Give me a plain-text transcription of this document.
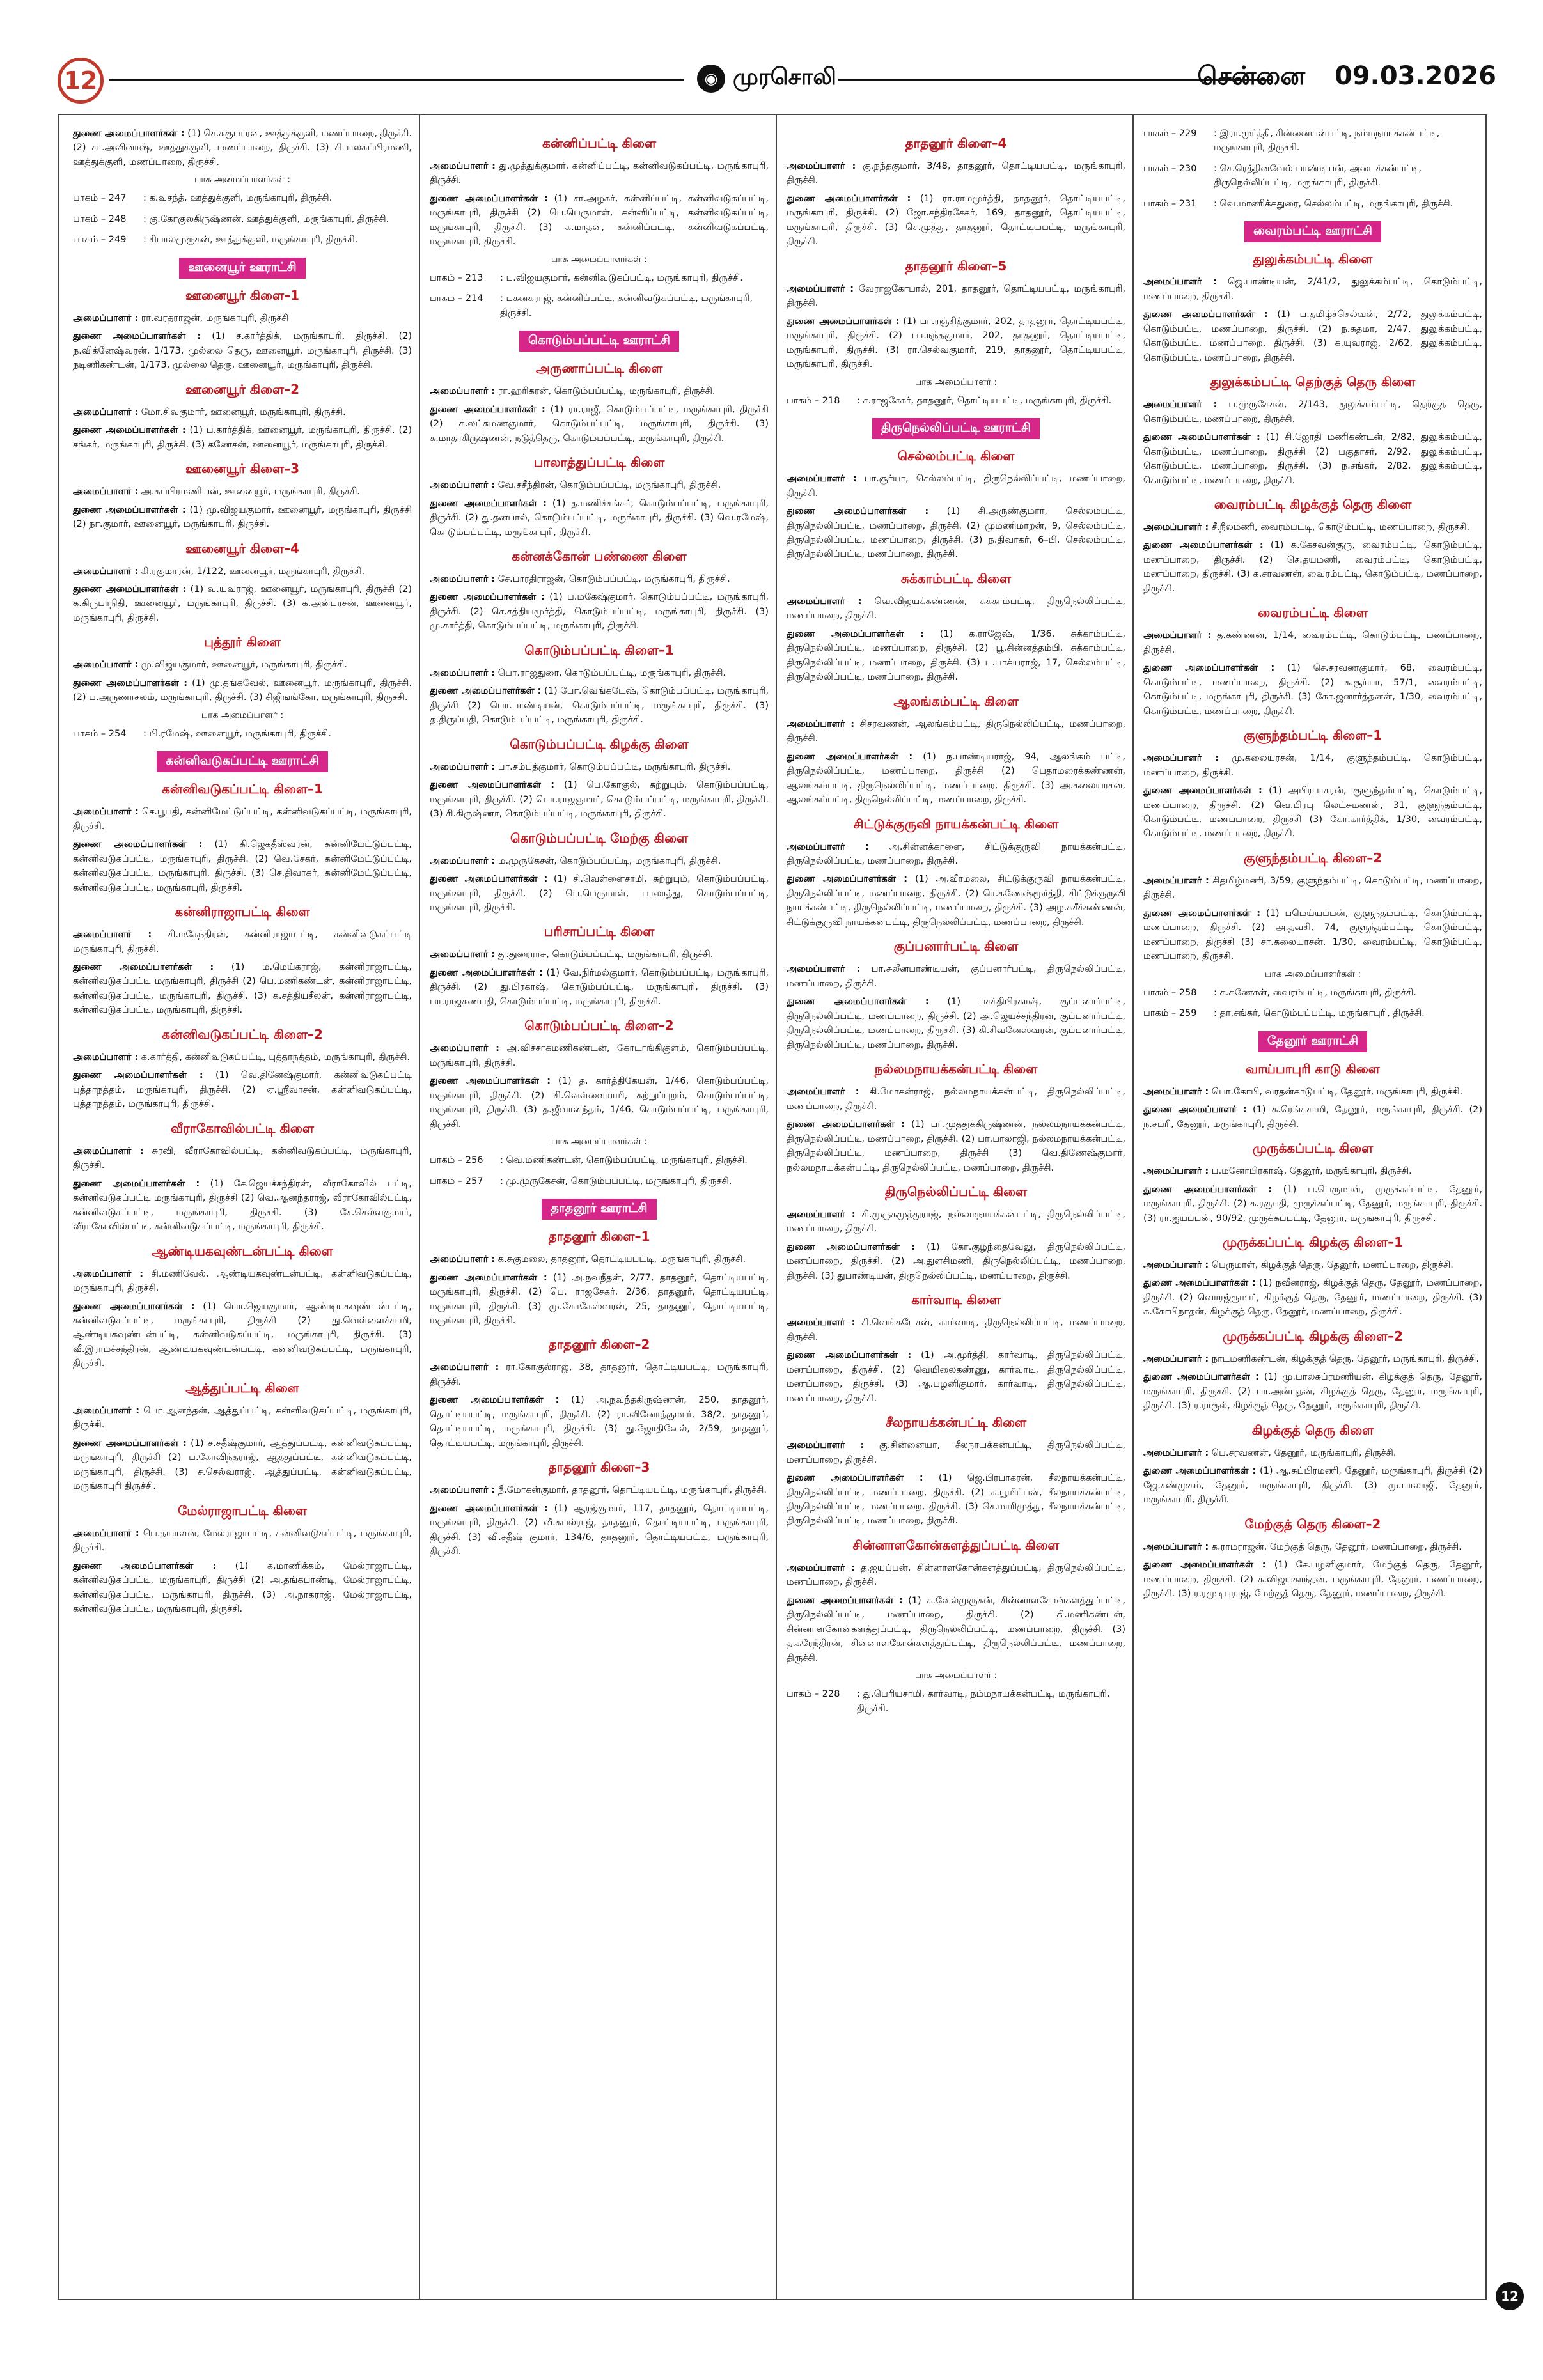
12	◉ முரசொலி	சென்னை 09.03.2026

துணை அமைப்பாளர்கள் : (1) செ.சுகுமாரன், ஊத்துக்குளி, மணப்பாறை, திருச்சி. (2) சா.அவினாஷ், ஊத்துக்குளி, மணப்பாறை, திருச்சி. (3) சிபாலசுப்பிரமணி, ஊத்துக்குளி, மணப்பாறை, திருச்சி.

பாக அமைப்பாளர்கள் :
பாகம் – 247	: க.வசந்த், ஊத்துக்குளி, மருங்காபுரி, திருச்சி.
பாகம் – 248	: கு.கோகுலகிருஷ்ணன், ஊத்துக்குளி, மருங்காபுரி, திருச்சி.
பாகம் – 249	: சிபாலமுருகன், ஊத்துக்குளி, மருங்காபுரி, திருச்சி.
ஊனையூர் ஊராட்சி
ஊனையூர் கிளை–1

அமைப்பாளர் : ரா.வரதராஜன், மருங்காபுரி, திருச்சி

துணை அமைப்பாளர்கள் : (1) ச.கார்த்திக், மருங்காபுரி, திருச்சி. (2) ந.விக்னேஷ்வரன், 1/173, முல்லை தெரு, ஊனையூர், மருங்காபுரி, திருச்சி. (3) நடிணிகண்டன், 1/173, முல்லை தெரு, ஊனையூர், மருங்காபுரி, திருச்சி.

ஊனையூர் கிளை–2

அமைப்பாளர் : மோ.சிவகுமார், ஊனையூர், மருங்காபுரி, திருச்சி.

துணை அமைப்பாளர்கள் : (1) ப.கார்த்திக், ஊனையூர், மருங்காபுரி, திருச்சி. (2) சங்கர், மருங்காபுரி, திருச்சி. (3) கணேசன், ஊனையூர், மருங்காபுரி, திருச்சி.

ஊனையூர் கிளை–3

அமைப்பாளர் : அ.சுப்பிரமணியன், ஊனையூர், மருங்காபுரி, திருச்சி.

துணை அமைப்பாளர்கள் : (1) மு.விஜயகுமார், ஊனையூர், மருங்காபுரி, திருச்சி (2) நா.குமார், ஊனையூர், மருங்காபுரி, திருச்சி.

ஊனையூர் கிளை–4

அமைப்பாளர் : கி.ரகுமாரன், 1/122, ஊனையூர், மருங்காபுரி, திருச்சி.

துணை அமைப்பாளர்கள் : (1) வ.யுவராஜ், ஊனையூர், மருங்காபுரி, திருச்சி (2) க.கிருபாநிதி, ஊனையூர், மருங்காபுரி, திருச்சி. (3) க.அன்பரசன், ஊனையூர், மருங்காபுரி, திருச்சி.

புத்தூர் கிளை

அமைப்பாளர் : மு.விஜயகுமார், ஊனையூர், மருங்காபுரி, திருச்சி.

துணை அமைப்பாளர்கள் : (1) மு.தங்கவேல், ஊனையூர், மருங்காபுரி, திருச்சி. (2) ப.அருணாசலம், மருங்காபுரி, திருச்சி. (3) சிஜிஙங்கோ, மருங்காபுரி, திருச்சி.

பாக அமைப்பாளர் :
பாகம் – 254	: பி.ரமேஷ், ஊனையூர், மருங்காபுரி, திருச்சி.
கன்னிவடுகப்பட்டி ஊராட்சி
கன்னிவடுகப்பட்டி கிளை–1

அமைப்பாளர் : செ.பூபதி, கன்னிமேட்டுப்பட்டி, கன்னிவடுகப்பட்டி, மருங்காபுரி, திருச்சி.

துணை அமைப்பாளர்கள் : (1) கி.ஜெகதீஸ்வரன், கன்னிமேட்டுப்பட்டி, கன்னிவடுகப்பட்டி, மருங்காபுரி, திருச்சி. (2) வெ.சேகர், கன்னிமேட்டுப்பட்டி, கன்னிவடுகப்பட்டி, மருங்காபுரி, திருச்சி. (3) செ.திவாகர், கன்னிமேட்டுப்பட்டி, கன்னிவடுகப்பட்டி, மருங்காபுரி, திருச்சி.

கன்னிராஜாபட்டி கிளை

அமைப்பாளர் : சி.மகேந்திரன், கன்னிராஜாபட்டி, கன்னிவடுகப்பட்டி மருங்காபுரி, திருச்சி.

துணை அமைப்பாளர்கள் : (1) ம.மெய்கராஜ், கன்னிராஜாபட்டி, கன்னிவடுகப்பட்டி மருங்காபுரி, திருச்சி (2) பெ.மணிகண்டன், கன்னிராஜாபட்டி, கன்னிவடுகப்பட்டி, மருங்காபுரி, திருச்சி. (3) க.சத்தியசீலன், கன்னிராஜாபட்டி, கன்னிவடுகப்பட்டி, மருங்காபுரி, திருச்சி.

கன்னிவடுகப்பட்டி கிளை–2

அமைப்பாளர் : க.கார்த்தி, கன்னிவடுகப்பட்டி, புத்தாநத்தம், மருங்காபுரி, திருச்சி.

துணை அமைப்பாளர்கள் : (1) வெ.தினேஷ்குமார், கன்னிவடுகப்பட்டி புத்தாநத்தம், மருங்காபுரி, திருச்சி. (2) ஏ.ஸ்ரீவாசன், கன்னிவடுகப்பட்டி, புத்தாநத்தம், மருங்காபுரி, திருச்சி.

வீராகோவில்பட்டி கிளை

அமைப்பாளர் : சுரவி, வீராகோவில்பட்டி, கன்னிவடுகப்பட்டி, மருங்காபுரி, திருச்சி.

துணை அமைப்பாளர்கள் : (1) சே.ஜெயச்சந்திரன், வீராகோவில் பட்டி, கன்னிவடுகப்பட்டி மருங்காபுரி, திருச்சி (2) வெ.ஆனந்தராஜ், வீராகோவில்பட்டி, கன்னிவடுகப்பட்டி, மருங்காபுரி, திருச்சி. (3) சே.செல்வகுமார், வீராகோவில்பட்டி, கன்னிவடுகப்பட்டி, மருங்காபுரி, திருச்சி.

ஆண்டியகவுண்டன்பட்டி கிளை

அமைப்பாளர் : சி.மணிவேல், ஆண்டியகவுண்டன்பட்டி, கன்னிவடுகப்பட்டி, மருங்காபுரி, திருச்சி.

துணை அமைப்பாளர்கள் : (1) பொ.ஜெயகுமார், ஆண்டியகவுண்டன்பட்டி, கன்னிவடுகப்பட்டி, மருங்காபுரி, திருச்சி (2) து.வெள்ளைச்சாமி, ஆண்டியகவுண்டன்பட்டி, கன்னிவடுகப்பட்டி, மருங்காபுரி, திருச்சி. (3) வீ.இராமச்சந்திரன், ஆண்டியகவுண்டன்பட்டி, கன்னிவடுகப்பட்டி, மருங்காபுரி, திருச்சி.

ஆத்துப்பட்டி கிளை

அமைப்பாளர் : பொ.ஆனந்தன், ஆத்துப்பட்டி, கன்னிவடுகப்பட்டி, மருங்காபுரி, திருச்சி.

துணை அமைப்பாளர்கள் : (1) ச.சதீஷ்குமார், ஆத்துப்பட்டி, கன்னிவடுகப்பட்டி, மருங்காபுரி, திருச்சி (2) ப.கோவிந்தராஜ், ஆத்துப்பட்டி, கன்னிவடுகப்பட்டி, மருங்காபுரி, திருச்சி. (3) ச.செல்வராஜ், ஆத்துப்பட்டி, கன்னிவடுகப்பட்டி, மருங்காபுரி திருச்சி.

மேல்ராஜாபட்டி கிளை

அமைப்பாளர் : பெ.தயாளன், மேல்ராஜாபட்டி, கன்னிவடுகப்பட்டி, மருங்காபுரி, திருச்சி.

துணை அமைப்பாளர்கள் : (1) க.மாணிக்கம், மேல்ராஜாபட்டி, கன்னிவடுகப்பட்டி, மருங்காபுரி, திருச்சி (2) அ.தங்கபாண்டி, மேல்ராஜாபட்டி, கன்னிவடுகப்பட்டி, மருங்காபுரி, திருச்சி. (3) அ.நாகராஜ், மேல்ராஜாபட்டி, கன்னிவடுகப்பட்டி, மருங்காபுரி, திருச்சி.

கன்னிப்பட்டி கிளை

அமைப்பாளர் : து.முத்துக்குமார், கன்னிப்பட்டி, கன்னிவடுகப்பட்டி, மருங்காபுரி, திருச்சி.

துணை அமைப்பாளர்கள் : (1) சா.அழகர், கன்னிப்பட்டி, கன்னிவடுகப்பட்டி, மருங்காபுரி, திருச்சி (2) பெ.பெருமாள், கன்னிப்பட்டி, கன்னிவடுகப்பட்டி, மருங்காபுரி, திருச்சி. (3) க.மாதன், கன்னிப்பட்டி, கன்னிவடுகப்பட்டி, மருங்காபுரி, திருச்சி.

பாக அமைப்பாளர்கள் :
பாகம் – 213	: ப.விஜயகுமார், கன்னிவடுகப்பட்டி, மருங்காபுரி, திருச்சி.
பாகம் – 214	: பகனகராஜ், கன்னிப்பட்டி, கன்னிவடுகப்பட்டி, மருங்காபுரி, திருச்சி.
கொடும்பப்பட்டி ஊராட்சி
அருணாப்பட்டி கிளை

அமைப்பாளர் : ரா.ஹரிகரன், கொடும்பப்பட்டி, மருங்காபுரி, திருச்சி.

துணை அமைப்பாளர்கள் : (1) ரா.ராஜீ, கொடும்பப்பட்டி, மருங்காபுரி, திருச்சி (2) க.லட்சுமணகுமார், கொடும்பப்பட்டி, மருங்காபுரி, திருச்சி. (3) க.மாதாகிருஷ்ணன், நடுத்தெரு, கொடும்பப்பட்டி, மருங்காபுரி, திருச்சி.

பாலாத்துப்பட்டி கிளை

அமைப்பாளர் : வே.சசீந்திரன், கொடும்பப்பட்டி, மருங்காபுரி, திருச்சி.

துணை அமைப்பாளர்கள் : (1) த.மணிச்சங்கர், கொடும்பப்பட்டி, மருங்காபுரி, திருச்சி. (2) து.தனபால், கொடும்பப்பட்டி, மருங்காபுரி, திருச்சி. (3) வெ.ரமேஷ், கொடும்பப்பட்டி, மருங்காபுரி, திருச்சி.

கன்னக்கோன் பண்ணை கிளை

அமைப்பாளர் : சே.பாரதிராஜன், கொடும்பப்பட்டி, மருங்காபுரி, திருச்சி.

துணை அமைப்பாளர்கள் : (1) ப.மகேஷ்குமார், கொடும்பப்பட்டி, மருங்காபுரி, திருச்சி. (2) செ.சத்தியமூர்த்தி, கொடும்பப்பட்டி, மருங்காபுரி, திருச்சி. (3) மு.கார்த்தி, கொடும்பப்பட்டி, மருங்காபுரி, திருச்சி.

கொடும்பப்பட்டி கிளை–1

அமைப்பாளர் : பொ.ராஜதுரை, கொடும்பப்பட்டி, மருங்காபுரி, திருச்சி.

துணை அமைப்பாளர்கள் : (1) போ.வெங்கடேஷ், கொடும்பப்பட்டி, மருங்காபுரி, திருச்சி (2) பொ.பாண்டியன், கொடும்பப்பட்டி, மருங்காபுரி, திருச்சி. (3) த.திருப்பதி, கொடும்பப்பட்டி, மருங்காபுரி, திருச்சி.

கொடும்பப்பட்டி கிழக்கு கிளை

அமைப்பாளர் : பா.சம்பத்குமார், கொடும்பப்பட்டி, மருங்காபுரி, திருச்சி.

துணை அமைப்பாளர்கள் : (1) பெ.கோகுல், சுற்றுபும், கொடும்பப்பட்டி, மருங்காபுரி, திருச்சி. (2) பொ.ராஜகுமார், கொடும்பப்பட்டி, மருங்காபுரி, திருச்சி. (3) சி.கிருஷ்ணா, கொடும்பப்பட்டி, மருங்காபுரி, திருச்சி.

கொடும்பப்பட்டி மேற்கு கிளை

அமைப்பாளர் : ம.முருகேசன், கொடும்பப்பட்டி, மருங்காபுரி, திருச்சி.

துணை அமைப்பாளர்கள் : (1) சி.வெள்ளைசாமி, சுற்றுபும், கொடும்பப்பட்டி, மருங்காபுரி, திருச்சி. (2) பெ.பெருமாள், பாலாத்து, கொடும்பப்பட்டி, மருங்காபுரி, திருச்சி.

பரிசாப்பட்டி கிளை

அமைப்பாளர் : து.துரைராசு, கொடும்பப்பட்டி, மருங்காபுரி, திருச்சி.

துணை அமைப்பாளர்கள் : (1) வே.நிர்மல்குமார், கொடும்பப்பட்டி, மருங்காபுரி, திருச்சி. (2) து.பிரகாஷ், கொடும்பப்பட்டி, மருங்காபுரி, திருச்சி. (3) பா.ராஜகணபதி, கொடும்பப்பட்டி, மருங்காபுரி, திருச்சி.

கொடும்பப்பட்டி கிளை–2

அமைப்பாளர் : அ.விச்சாகமணிகண்டன், கோடாங்கிகுளம், கொடும்பப்பட்டி, மருங்காபுரி, திருச்சி.

துணை அமைப்பாளர்கள் : (1) த. கார்த்திகேயன், 1/46, கொடும்பப்பட்டி, மருங்காபுரி, திருச்சி. (2) சி.வெள்ளைசாமி, சுற்றுப்புறம், கொடும்பப்பட்டி, மருங்காபுரி, திருச்சி. (3) த.ஜீவானந்தம், 1/46, கொடும்பப்பட்டி, மருங்காபுரி, திருச்சி.

பாக அமைப்பாளர்கள் :
பாகம் – 256	: வெ.மணிகண்டன், கொடும்பப்பட்டி, மருங்காபுரி, திருச்சி.
பாகம் – 257	: மு.முருகேசன், கொடும்பப்பட்டி, மருங்காபுரி, திருச்சி.
தாதனூர் ஊராட்சி
தாதனூர் கிளை–1

அமைப்பாளர் : க.சுகுமலை, தாதனூர், தொட்டியபட்டி, மருங்காபுரி, திருச்சி.

துணை அமைப்பாளர்கள் : (1) அ.நவநீதன், 2/77, தாதனூர், தொட்டியபட்டி, மருங்காபுரி, திருச்சி. (2) பெ. ராஜசேகர், 2/36, தாதனூர், தொட்டியபட்டி, மருங்காபுரி, திருச்சி. (3) மு.கோகேஸ்வரன், 25, தாதனூர், தொட்டியபட்டி, மருங்காபுரி, திருச்சி.

தாதனூர் கிளை–2

அமைப்பாளர் : ரா.கோகுல்ராஜ், 38, தாதனூர், தொட்டியபட்டி, மருங்காபுரி, திருச்சி.

துணை அமைப்பாளர்கள் : (1) அ.நவநீதகிருஷ்ணன், 250, தாதனூர், தொட்டியபட்டி, மருங்காபுரி, திருச்சி. (2) ரா.வினோத்குமார், 38/2, தாதனூர், தொட்டியபட்டி, மருங்காபுரி, திருச்சி. (3) து.ஜோதிவேல், 2/59, தாதனூர், தொட்டியபட்டி, மருங்காபுரி, திருச்சி.

தாதனூர் கிளை–3

அமைப்பாளர் : நீ.மோகன்குமார், தாதனூர், தொட்டியபட்டி, மருங்காபுரி, திருச்சி.

துணை அமைப்பாளர்கள் : (1) ஆரஜ்குமார், 117, தாதனூர், தொட்டியபட்டி, மருங்காபுரி, திருச்சி. (2) வீ.சுபல்ராஜ், தாதனூர், தொட்டியபட்டி, மருங்காபுரி, திருச்சி. (3) வி.சதீஷ் குமார், 134/6, தாதனூர், தொட்டியபட்டி, மருங்காபுரி, திருச்சி.

தாதனூர் கிளை–4

அமைப்பாளர் : கு.நந்தகுமார், 3/48, தாதனூர், தொட்டியபட்டி, மருங்காபுரி, திருச்சி.

துணை அமைப்பாளர்கள் : (1) ரா.ராமமூர்த்தி, தாதனூர், தொட்டியபட்டி, மருங்காபுரி, திருச்சி. (2) ஜோ.சந்திரசேகர், 169, தாதனூர், தொட்டியபட்டி, மருங்காபுரி, திருச்சி. (3) செ.முத்து, தாதனூர், தொட்டியபட்டி, மருங்காபுரி, திருச்சி.

தாதனூர் கிளை–5

அமைப்பாளர் : வேராஜகோபால், 201, தாதனூர், தொட்டியபட்டி, மருங்காபுரி, திருச்சி.

துணை அமைப்பாளர்கள் : (1) பா.ரஞ்சித்குமார், 202, தாதனூர், தொட்டியபட்டி, மருங்காபுரி, திருச்சி. (2) பா.நந்தகுமார், 202, தாதனூர், தொட்டியபட்டி, மருங்காபுரி, திருச்சி. (3) ரா.செல்வகுமார், 219, தாதனூர், தொட்டியபட்டி, மருங்காபுரி, திருச்சி.

பாக அமைப்பாளர் :
பாகம் – 218	: ச.ராஜசேகர், தாதனூர், தொட்டியபட்டி, மருங்காபுரி, திருச்சி.
திருநெல்லிப்பட்டி ஊராட்சி
செல்லம்பட்டி கிளை

அமைப்பாளர் : பா.சூர்யா, செல்லம்பட்டி, திருநெல்லிப்பட்டி, மணப்பாறை, திருச்சி.

துணை அமைப்பாளர்கள் : (1) சி.அருண்குமார், செல்லம்பட்டி, திருநெல்லிப்பட்டி, மணப்பாறை, திருச்சி. (2) முமணிமாறன், 9, செல்லம்பட்டி, திருநெல்லிப்பட்டி, மணப்பாறை, திருச்சி. (3) ந.திவாகர், 6–பி, செல்லம்பட்டி, திருநெல்லிப்பட்டி, மணப்பாறை, திருச்சி.

சுக்காம்பட்டி கிளை

அமைப்பாளர் : வெ.விஜயக்கண்ணன், சுக்காம்பட்டி, திருநெல்லிப்பட்டி, மணப்பாறை, திருச்சி.

துணை அமைப்பாளர்கள் : (1) க.ராஜேஷ், 1/36, சுக்காம்பட்டி, திருநெல்லிப்பட்டி, மணப்பாறை, திருச்சி. (2) பூ.சின்னத்தம்பி, சுக்காம்பட்டி, திருநெல்லிப்பட்டி, மணப்பாறை, திருச்சி. (3) ப.பாக்யராஜ், 17, செல்லம்பட்டி, திருநெல்லிப்பட்டி, மணப்பாறை, திருச்சி.

ஆலங்கம்பட்டி கிளை

அமைப்பாளர் : சிசரவணன், ஆலங்கம்பட்டி, திருநெல்லிப்பட்டி, மணப்பாறை, திருச்சி.

துணை அமைப்பாளர்கள் : (1) ந.பாண்டியராஜ், 94, ஆலங்கம் பட்டி, திருநெல்லிப்பட்டி, மணப்பாறை, திருச்சி (2) பெதாமரைக்கண்ணன், ஆலங்கம்பட்டி, திருநெல்லிப்பட்டி, மணப்பாறை, திருச்சி. (3) அ.கலையரசன், ஆலங்கம்பட்டி, திருநெல்லிப்பட்டி, மணப்பாறை, திருச்சி.

சிட்டுக்குருவி நாயக்கன்பட்டி கிளை

அமைப்பாளர் : அ.சின்னக்காளை, சிட்டுக்குருவி நாயக்கன்பட்டி, திருநெல்லிப்பட்டி, மணப்பாறை, திருச்சி.

துணை அமைப்பாளர்கள் : (1) அ.வீரமலை, சிட்டுக்குருவி நாயக்கன்பட்டி, திருநெல்லிப்பட்டி, மணப்பாறை, திருச்சி. (2) செ.கணேஷ்மூர்த்தி, சிட்டுக்குருவி நாயக்கன்பட்டி, திருநெல்லிப்பட்டி, மணப்பாறை, திருச்சி. (3) அழ.சுசீக்கண்ணன், சிட்டுக்குருவி நாயக்கன்பட்டி, திருநெல்லிப்பட்டி, மணப்பாறை, திருச்சி.

குப்பனார்பட்டி கிளை

அமைப்பாளர் : பா.சுலீனபாண்டியன், குப்பனார்பட்டி, திருநெல்லிப்பட்டி, மணப்பாறை, திருச்சி.

துணை அமைப்பாளர்கள் : (1) பசக்திபிரகாஷ், குப்பனார்பட்டி, திருநெல்லிப்பட்டி, மணப்பாறை, திருச்சி. (2) அ.ஜெயச்சந்திரன், குப்பனார்பட்டி, திருநெல்லிப்பட்டி, மணப்பாறை, திருச்சி. (3) கி.சிவனேஸ்வரன், குப்பனார்பட்டி, திருநெல்லிப்பட்டி, மணப்பாறை, திருச்சி.

நல்லமநாயக்கன்பட்டி கிளை

அமைப்பாளர் : கி.மோகன்ராஜ், நல்லமநாயக்கன்பட்டி, திருநெல்லிப்பட்டி, மணப்பாறை, திருச்சி.

துணை அமைப்பாளர்கள் : (1) பா.முத்துக்கிருஷ்ணன், நல்லமநாயக்கன்பட்டி, திருநெல்லிப்பட்டி, மணப்பாறை, திருச்சி. (2) பா.பாலாஜி, நல்லமநாயக்கன்பட்டி, திருநெல்லிப்பட்டி, மணப்பாறை, திருச்சி (3) வெ.திணேஷ்குமார், நல்லமநாயக்கன்பட்டி, திருநெல்லிப்பட்டி, மணப்பாறை, திருச்சி.

திருநெல்லிப்பட்டி கிளை

அமைப்பாளர் : சி.முருகமுத்துராஜ், நல்லமநாயக்கன்பட்டி, திருநெல்லிப்பட்டி, மணப்பாறை, திருச்சி.

துணை அமைப்பாளர்கள் : (1) கோ.குழந்தைவேலு, திருநெல்லிப்பட்டி, மணப்பாறை, திருச்சி. (2) அ.துளசிமணி, திருநெல்லிப்பட்டி, மணப்பாறை, திருச்சி. (3) துபாண்டியன், திருநெல்லிப்பட்டி, மணப்பாறை, திருச்சி.

கார்வாடி கிளை

அமைப்பாளர் : சி.வெங்கடேசன், கார்வாடி, திருநெல்லிப்பட்டி, மணப்பாறை, திருச்சி.

துணை அமைப்பாளர்கள் : (1) அ.மூர்த்தி, கார்வாடி, திருநெல்லிப்பட்டி, மணப்பாறை, திருச்சி. (2) வெயிலைகண்ணு, கார்வாடி, திருநெல்லிப்பட்டி, மணப்பாறை, திருச்சி. (3) ஆ.பழனிகுமார், கார்வாடி, திருநெல்லிப்பட்டி, மணப்பாறை, திருச்சி.

சீலநாயக்கன்பட்டி கிளை

அமைப்பாளர் : கு.சின்னையா, சீலநாயக்கன்பட்டி, திருநெல்லிப்பட்டி, மணப்பாறை, திருச்சி.

துணை அமைப்பாளர்கள் : (1) ஜெ.பிரபாகரன், சீலநாயக்கன்பட்டி, திருநெல்லிப்பட்டி, மணப்பாறை, திருச்சி. (2) க.பூமிப்பன், சீலநாயக்கன்பட்டி, திருநெல்லிப்பட்டி, மணப்பாறை, திருச்சி. (3) செ.மாரிமுத்து, சீலநாயக்கன்பட்டி, திருநெல்லிப்பட்டி, மணப்பாறை, திருச்சி.

சின்னாளகோன்களத்துப்பட்டி கிளை

அமைப்பாளர் : த.ஐயப்பன், சின்னாளகோன்களத்துப்பட்டி, திருநெல்லிப்பட்டி, மணப்பாறை, திருச்சி.

துணை அமைப்பாளர்கள் : (1) க.வேல்முருகன், சின்னாளகோன்களத்துப்பட்டி, திருநெல்லிப்பட்டி, மணப்பாறை, திருச்சி. (2) கி.மணிகண்டன், சின்னாளகோன்களத்துப்பட்டி, திருநெல்லிப்பட்டி, மணப்பாறை, திருச்சி. (3) த.சுரேந்திரன், சின்னாளகோன்களத்துப்பட்டி, திருநெல்லிப்பட்டி, மணப்பாறை, திருச்சி.

பாக அமைப்பாளர் :
பாகம் – 228	: து.பெரியசாமி, கார்வாடி, நம்மநாயக்கன்பட்டி, மருங்காபுரி, திருச்சி.
பாகம் – 229	: இரா.மூர்த்தி, சின்னையன்பட்டி, நம்மநாயக்கன்பட்டி, மருங்காபுரி, திருச்சி.
பாகம் – 230	: செ.ரெத்தினவேல் பாண்டியன், அடைக்கன்பட்டி, திருநெல்லிப்பட்டி, மருங்காபுரி, திருச்சி.
பாகம் – 231	: வெ.மாணிக்கதுரை, செல்லம்பட்டி, மருங்காபுரி, திருச்சி.
வைரம்பட்டி ஊராட்சி
துலுக்கம்பட்டி கிளை

அமைப்பாளர் : ஜெ.பாண்டியன், 2/41/2, துலுக்கம்பட்டி, கொடும்பட்டி, மணப்பாறை, திருச்சி.

துணை அமைப்பாளர்கள் : (1) ப.தமிழ்ச்செல்வன், 2/72, துலுக்கம்பட்டி, கொடும்பட்டி, மணப்பாறை, திருச்சி. (2) ந.சுதமா, 2/47, துலுக்கம்பட்டி, கொடும்பட்டி, மணப்பாறை, திருச்சி. (3) க.யுவராஜ், 2/62, துலுக்கம்பட்டி, கொடும்பட்டி, மணப்பாறை, திருச்சி.

துலுக்கம்பட்டி தெற்குத் தெரு கிளை

அமைப்பாளர் : ப.முருகேசன், 2/143, துலுக்கம்பட்டி, தெற்குத் தெரு, கொடும்பட்டி, மணப்பாறை, திருச்சி.

துணை அமைப்பாளர்கள் : (1) சி.ஜோதி மணிகண்டன், 2/82, துலுக்கம்பட்டி, கொடும்பட்டி, மணப்பாறை, திருச்சி (2) பகுதாசர், 2/92, துலுக்கம்பட்டி, கொடும்பட்டி, மணப்பாறை, திருச்சி. (3) ந.சங்கர், 2/82, துலுக்கம்பட்டி, கொடும்பட்டி, மணப்பாறை, திருச்சி.

வைரம்பட்டி கிழக்குத் தெரு கிளை

அமைப்பாளர் : சீ.நீலமணி, வைரம்பட்டி, கொடும்பட்டி, மணப்பாறை, திருச்சி.

துணை அமைப்பாளர்கள் : (1) க.கேசவன்குரு, வைரம்பட்டி, கொடும்பட்டி, மணப்பாறை, திருச்சி. (2) செ.தயமணி, வைரம்பட்டி, கொடும்பட்டி, மணப்பாறை, திருச்சி. (3) க.சரவணன், வைரம்பட்டி, கொடும்பட்டி, மணப்பாறை, திருச்சி.

வைரம்பட்டி கிளை

அமைப்பாளர் : த.கண்ணன், 1/14, வைரம்பட்டி, கொடும்பட்டி, மணப்பாறை, திருச்சி.

துணை அமைப்பாளர்கள் : (1) செ.சரவணகுமார், 68, வைரம்பட்டி, கொடும்பட்டி, மணப்பாறை, திருச்சி. (2) க.சூர்யா, 57/1, வைரம்பட்டி, கொடும்பட்டி, மருங்காபுரி, திருச்சி. (3) கோ.ஜனார்த்தனன், 1/30, வைரம்பட்டி, கொடும்பட்டி, மணப்பாறை, திருச்சி.

குளுந்தம்பட்டி கிளை–1

அமைப்பாளர் : மு.கலையரசன், 1/14, குளுந்தம்பட்டி, கொடும்பட்டி, மணப்பாறை, திருச்சி.

துணை அமைப்பாளர்கள் : (1) அபிரபாகரன், குளுந்தம்பட்டி, கொடும்பட்டி, மணப்பாறை, திருச்சி. (2) வெ.பிரபு லெட்சுமணன், 31, குளுந்தம்பட்டி, கொடும்பட்டி, மணப்பாறை, திருச்சி (3) கோ.கார்த்திக், 1/30, வைரம்பட்டி, கொடும்பட்டி, மணப்பாறை, திருச்சி.

குளுந்தம்பட்டி கிளை–2

அமைப்பாளர் : சிதமிழ்மணி, 3/59, குளுந்தம்பட்டி, கொடும்பட்டி, மணப்பாறை, திருச்சி.

துணை அமைப்பாளர்கள் : (1) பமெய்யப்பன், குளுந்தம்பட்டி, கொடும்பட்டி, மணப்பாறை, திருச்சி. (2) அ.தவசி, 74, குளுந்தம்பட்டி, கொடும்பட்டி, மணப்பாறை, திருச்சி (3) சா.கலையரசன், 1/30, வைரம்பட்டி, கொடும்பட்டி, மணப்பாறை, திருச்சி.

பாக அமைப்பாளர்கள் :
பாகம் – 258	: க.கணேசன், வைரம்பட்டி, மருங்காபுரி, திருச்சி.
பாகம் – 259	: தா.சங்கர், கொடும்பப்பட்டி, மருங்காபுரி, திருச்சி.
தேனூர் ஊராட்சி
வாய்பாபுரி காடு கிளை

அமைப்பாளர் : பொ.கோபி, வரதன்காடுபட்டி, தேனூர், மருங்காபுரி, திருச்சி.

துணை அமைப்பாளர் : (1) க.ரெங்கசாமி, தேனூர், மருங்காபுரி, திருச்சி. (2) ந.சபரி, தேனூர், மருங்காபுரி, திருச்சி.

முருக்கப்பட்டி கிளை

அமைப்பாளர் : ப.மனோபிரகாஷ், தேனூர், மருங்காபுரி, திருச்சி.

துணை அமைப்பாளர்கள் : (1) ப.பெருமாள், முருக்கப்பட்டி, தேனூர், மருங்காபுரி, திருச்சி. (2) க.ரகுபதி, முருக்கப்பட்டி, தேனூர், மருங்காபுரி, திருச்சி. (3) ரா.ஐயப்பன், 90/92, முருக்கப்பட்டி, தேனூர், மருங்காபுரி, திருச்சி.

முருக்கப்பட்டி கிழக்கு கிளை–1

அமைப்பாளர் : பெருமாள், கிழக்குத் தெரு, தேனூர், மணப்பாறை, திருச்சி.

துணை அமைப்பாளர்கள் : (1) நவீனராஜ், கிழக்குத் தெரு, தேனூர், மணப்பாறை, திருச்சி. (2) வொரஜ்குமார், கிழக்குத் தெரு, தேனூர், மணப்பாறை, திருச்சி. (3) க.கோபிநாதன், கிழக்குத் தெரு, தேனூர், மணப்பாறை, திருச்சி.

முருக்கப்பட்டி கிழக்கு கிளை–2

அமைப்பாளர் : நாடமணிகண்டன், கிழக்குத் தெரு, தேனூர், மருங்காபுரி, திருச்சி.

துணை அமைப்பாளர்கள் : (1) மு.பாலசுப்ரமணியன், கிழக்குத் தெரு, தேனூர், மருங்காபுரி, திருச்சி. (2) பா.அன்புதன், கிழக்குத் தெரு, தேனூர், மருங்காபுரி, திருச்சி. (3) ர.ராகுல், கிழக்குத் தெரு, தேனூர், மருங்காபுரி, திருச்சி.

கிழக்குத் தெரு கிளை

அமைப்பாளர் : பெ.சரவணன், தேனூர், மருங்காபுரி, திருச்சி.

துணை அமைப்பாளர்கள் : (1) ஆ.சுப்பிரமணி, தேனூர், மருங்காபுரி, திருச்சி (2) ஜே.சண்முகம், தேனூர், மருங்காபுரி, திருச்சி. (3) மு.பாலாஜி, தேனூர், மருங்காபுரி, திருச்சி.

மேற்குத் தெரு கிளை–2

அமைப்பாளர் : க.ராமராஜன், மேற்குத் தெரு, தேனூர், மணப்பாறை, திருச்சி.

துணை அமைப்பாளர்கள் : (1) சே.பழனிகுமார், மேற்குத் தெரு, தேனூர், மணப்பாறை, திருச்சி. (2) க.விஜயகாந்தன், மருங்காபுரி, தேனூர், மணப்பாறை, திருச்சி. (3) ர.ரமுடிபுராஜ், மேற்குத் தெரு, தேனூர், மணப்பாறை, திருச்சி.

12
